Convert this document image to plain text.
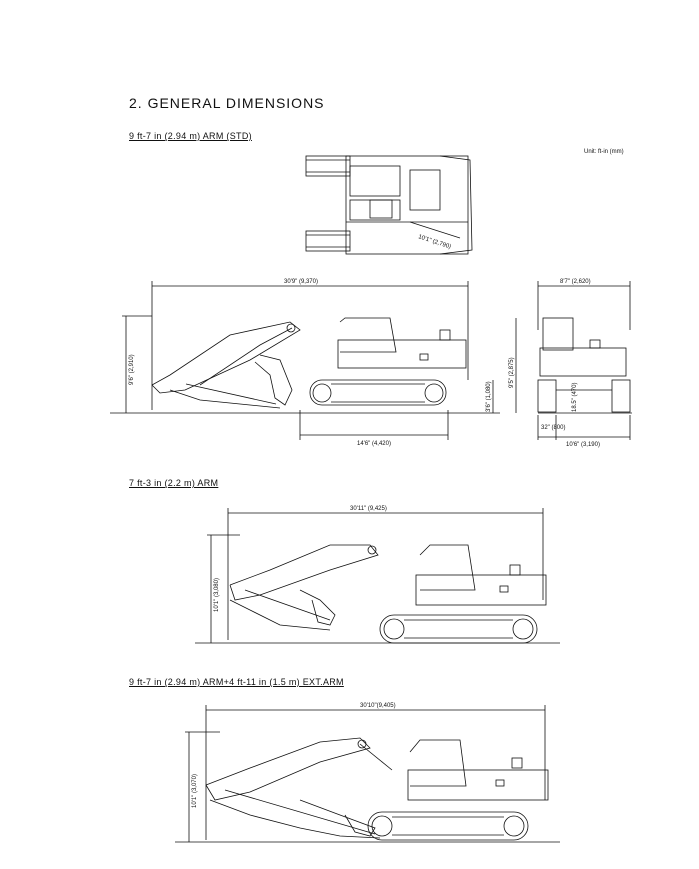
2. GENERAL DIMENSIONS
9 ft-7 in (2.94 m) ARM (STD)
Unit: ft-in (mm)
7 ft-3 in (2.2 m) ARM
9 ft-7 in (2.94 m) ARM+4 ft-11 in (1.5 m) EXT.ARM
10'1" (2,790)
30'9" (9,370)
9'6" (2,910)
14'6" (4,420)
3'6" (1,080)
8'7" (2,620)
9'5" (2,875)
18.5" (470)
32" (800)
10'6" (3,190)
30'11" (9,425)
10'1" (3,080)
30'10"(9,405)
10'1" (3,070)
